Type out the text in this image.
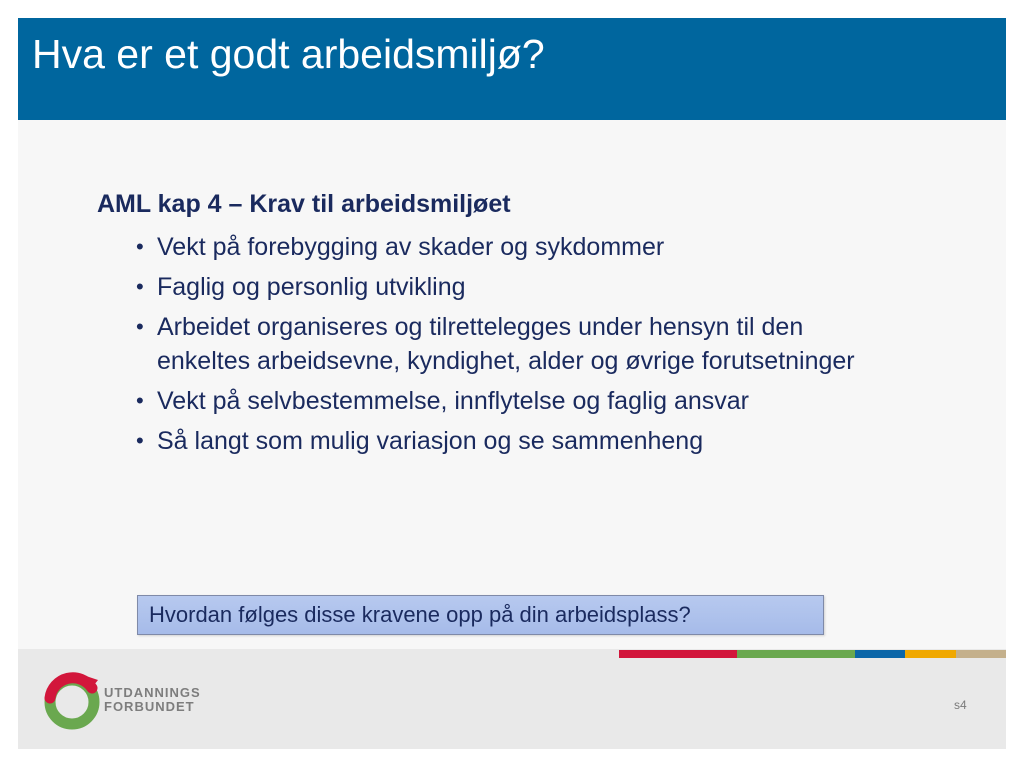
Hva er et godt arbeidsmiljø?
AML kap 4 – Krav til arbeidsmiljøet
• Vekt på forebygging av skader og sykdommer
• Faglig og personlig utvikling
• Arbeidet organiseres og tilrettelegges under hensyn til den enkeltes arbeidsevne, kyndighet, alder og øvrige forutsetninger
• Vekt på selvbestemmelse, innflytelse og faglig ansvar
• Så langt som mulig variasjon og se sammenheng
Hvordan følges disse kravene opp på din arbeidsplass?
UTDANNINGS
FORBUNDET	s4
